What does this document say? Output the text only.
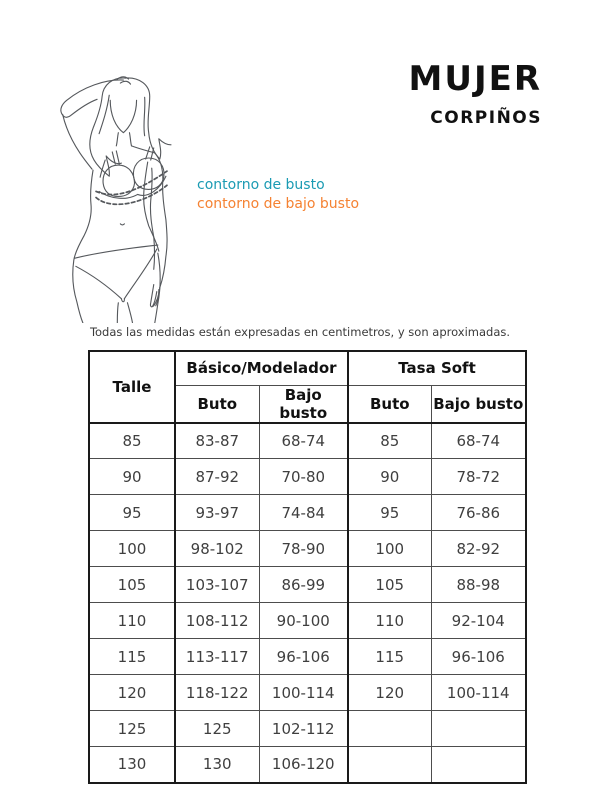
MUJER
CORPIÑOS
contorno de busto
contorno de bajo busto
Todas las medidas están expresadas en centimetros, y son aproximadas.
Talle	Básico/Modelador		Tasa Soft	
	Buto	Bajo busto	Buto	Bajo busto
85	83-87	68-74	85	68-74
90	87-92	70-80	90	78-72
95	93-97	74-84	95	76-86
100	98-102	78-90	100	82-92
105	103-107	86-99	105	88-98
110	108-112	90-100	110	92-104
115	113-117	96-106	115	96-106
120	118-122	100-114	120	100-114
125	125	102-112		
130	130	106-120		
